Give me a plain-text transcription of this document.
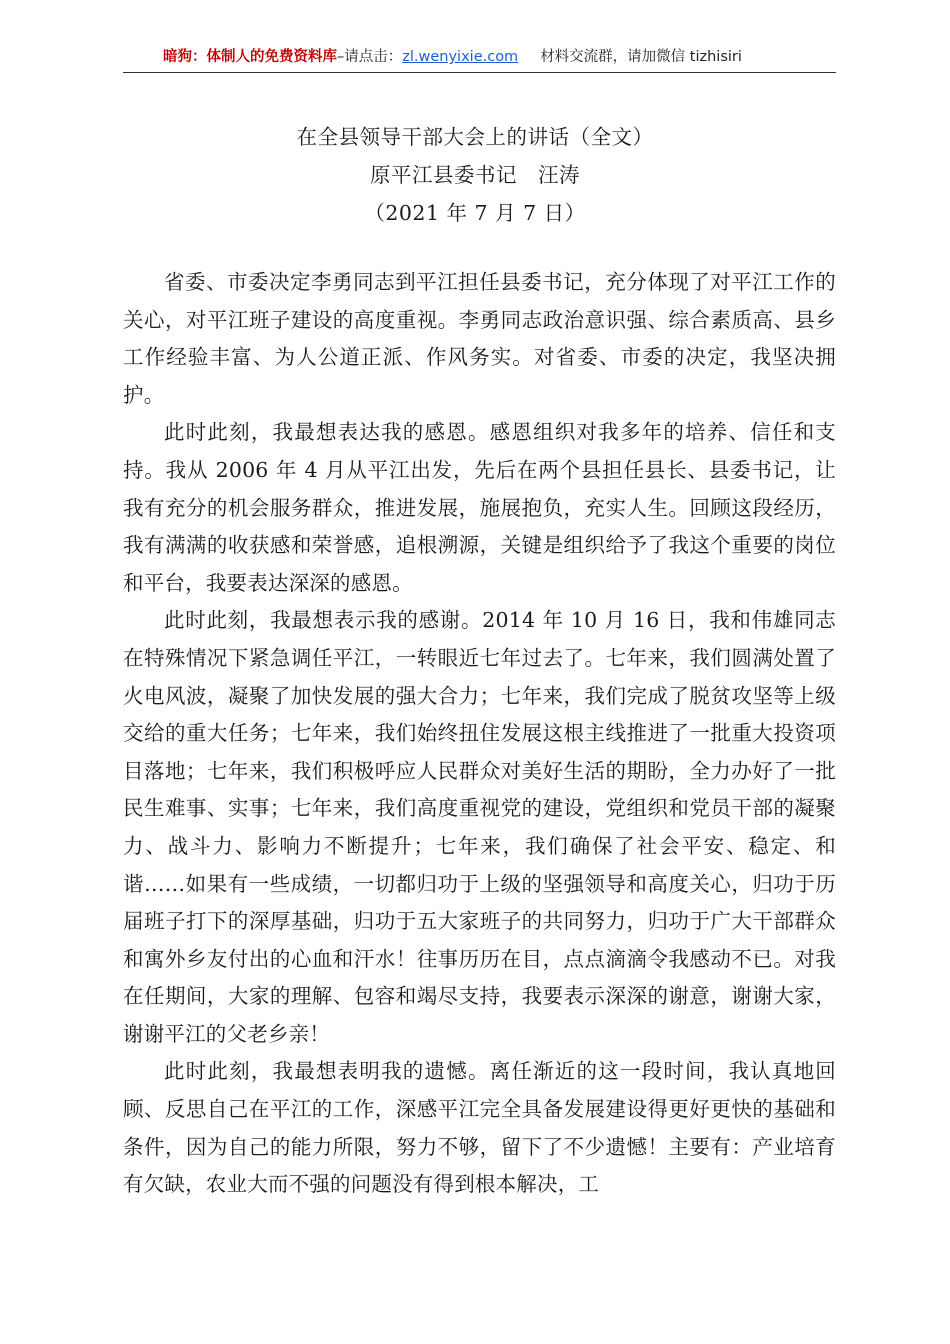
暗狗：体制人的免费资料库–请点击：zl.wenyixie.com 材料交流群，请加微信 tizhisiri
在全县领导干部大会上的讲话（全文）
原平江县委书记　汪涛
（2021 年 7 月 7 日）

省委、市委决定李勇同志到平江担任县委书记，充分体现了对平江工作的关心，对平江班子建设的高度重视。李勇同志政治意识强、综合素质高、县乡工作经验丰富、为人公道正派、作风务实。对省委、市委的决定，我坚决拥护。

此时此刻，我最想表达我的感恩。感恩组织对我多年的培养、信任和支持。我从 2006 年 4 月从平江出发，先后在两个县担任县长、县委书记，让我有充分的机会服务群众，推进发展，施展抱负，充实人生。回顾这段经历，我有满满的收获感和荣誉感，追根溯源，关键是组织给予了我这个重要的岗位和平台，我要表达深深的感恩。

此时此刻，我最想表示我的感谢。2014 年 10 月 16 日，我和伟雄同志在特殊情况下紧急调任平江，一转眼近七年过去了。七年来，我们圆满处置了火电风波，凝聚了加快发展的强大合力；七年来，我们完成了脱贫攻坚等上级交给的重大任务；七年来，我们始终扭住发展这根主线推进了一批重大投资项目落地；七年来，我们积极呼应人民群众对美好生活的期盼，全力办好了一批民生难事、实事；七年来，我们高度重视党的建设，党组织和党员干部的凝聚力、战斗力、影响力不断提升；七年来，我们确保了社会平安、稳定、和谐……如果有一些成绩，一切都归功于上级的坚强领导和高度关心，归功于历届班子打下的深厚基础，归功于五大家班子的共同努力，归功于广大干部群众和寓外乡友付出的心血和汗水！往事历历在目，点点滴滴令我感动不已。对我在任期间，大家的理解、包容和竭尽支持，我要表示深深的谢意，谢谢大家，谢谢平江的父老乡亲！

此时此刻，我最想表明我的遗憾。离任渐近的这一段时间，我认真地回顾、反思自己在平江的工作，深感平江完全具备发展建设得更好更快的基础和条件，因为自己的能力所限，努力不够，留下了不少遗憾！主要有：产业培育有欠缺，农业大而不强的问题没有得到根本解决，工
